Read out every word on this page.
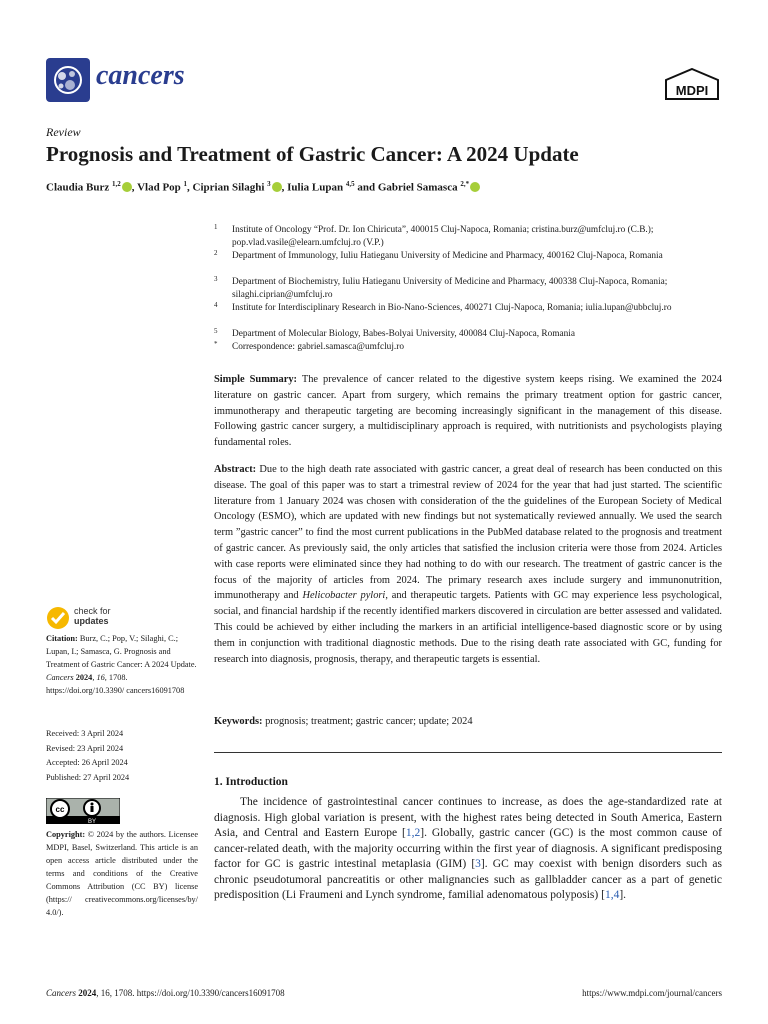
cancers	MDPI
Review
Prognosis and Treatment of Gastric Cancer: A 2024 Update
Claudia Burz $^{1,2}$ , Vlad Pop $^1$, Ciprian Silaghi $^3$ , Iulia Lupan $^{4,5}$ and Gabriel Samasca $^{2,*}$
1 Institute of Oncology “Prof. Dr. Ion Chiricuta”, 400015 Cluj-Napoca, Romania; cristina.burz@umfcluj.ro (C.B.); pop.vlad.vasile@elearn.umfcluj.ro (V.P.)
2 Department of Immunology, Iuliu Hatieganu University of Medicine and Pharmacy, 400162 Cluj-Napoca, Romania
3 Department of Biochemistry, Iuliu Hatieganu University of Medicine and Pharmacy, 400338 Cluj-Napoca, Romania; silaghi.ciprian@umfcluj.ro
4 Institute for Interdisciplinary Research in Bio-Nano-Sciences, 400271 Cluj-Napoca, Romania; iulia.lupan@ubbcluj.ro
5 Department of Molecular Biology, Babes-Bolyai University, 400084 Cluj-Napoca, Romania
* Correspondence: gabriel.samasca@umfcluj.ro
Simple Summary: The prevalence of cancer related to the digestive system keeps rising. We examined the 2024 literature on gastric cancer. Apart from surgery, which remains the primary treatment option for gastric cancer, immunotherapy and therapeutic targeting are becoming increasingly significant in the management of this disease. Following gastric cancer surgery, a multidisciplinary approach is required, with nutritionists and psychologists playing fundamental roles.
Abstract: Due to the high death rate associated with gastric cancer, a great deal of research has been conducted on this disease. The goal of this paper was to start a trimestral review of 2024 for the year that had just started. The scientific literature from 1 January 2024 was chosen with consideration of the the guidelines of the European Society of Medical Oncology (ESMO), which are updated with new findings but not systematically reviewed annually. We used the search term ”gastric cancer” to find the most current publications in the PubMed database related to the prognosis and treatment of gastric cancer. As previously said, the only articles that satisfied the inclusion criteria were those from 2024. Articles with case reports were eliminated since they had nothing to do with our research. The treatment of gastric cancer is the focus of the majority of articles from 2024. The primary research axes include surgery and immunonutrition, immunotherapy and Helicobacter pylori, and therapeutic targets. Patients with GC may experience less psychological, social, and financial hardship if the recently identified markers discovered in circulation are better assessed and validated. This could be achieved by either including the markers in an artificial intelligence-based diagnostic score or by using them in conjunction with traditional diagnostic methods. Due to the rising death rate associated with GC, funding for research into diagnosis, prognosis, therapy, and therapeutic targets is essential.
Keywords: prognosis; treatment; gastric cancer; update; 2024
1. Introduction
The incidence of gastrointestinal cancer continues to increase, as does the age-standardized rate at diagnosis. High global variation is present, with the highest rates being detected in South America, Eastern Asia, and Central and Eastern Europe [1,2]. Globally, gastric cancer (GC) is the most common cause of cancer-related death, with the majority occurring within the first year of diagnosis. A significant predisposing factor for GC is gastric intestinal metaplasia (GIM) [3]. GC may coexist with benign disorders such as chronic pseudotumoral pancreatitis or other malignancies such as gallbladder cancer as a part of genetic predisposition (Li Fraumeni and Lynch syndrome, familial adenomatous polyposis) [1,4].
check for
updates
Citation: Burz, C.; Pop, V.; Silaghi, C.; Lupan, I.; Samasca, G. Prognosis and Treatment of Gastric Cancer: A 2024 Update. Cancers 2024, 16, 1708. https://doi.org/10.3390/ cancers16091708
Received: 3 April 2024
Revised: 23 April 2024
Accepted: 26 April 2024
Published: 27 April 2024
cc
BY
Copyright: © 2024 by the authors. Licensee MDPI, Basel, Switzerland. This article is an open access article distributed under the terms and conditions of the Creative Commons Attribution (CC BY) license (https:// creativecommons.org/licenses/by/ 4.0/).
Cancers 2024, 16, 1708. https://doi.org/10.3390/cancers16091708	https://www.mdpi.com/journal/cancers
